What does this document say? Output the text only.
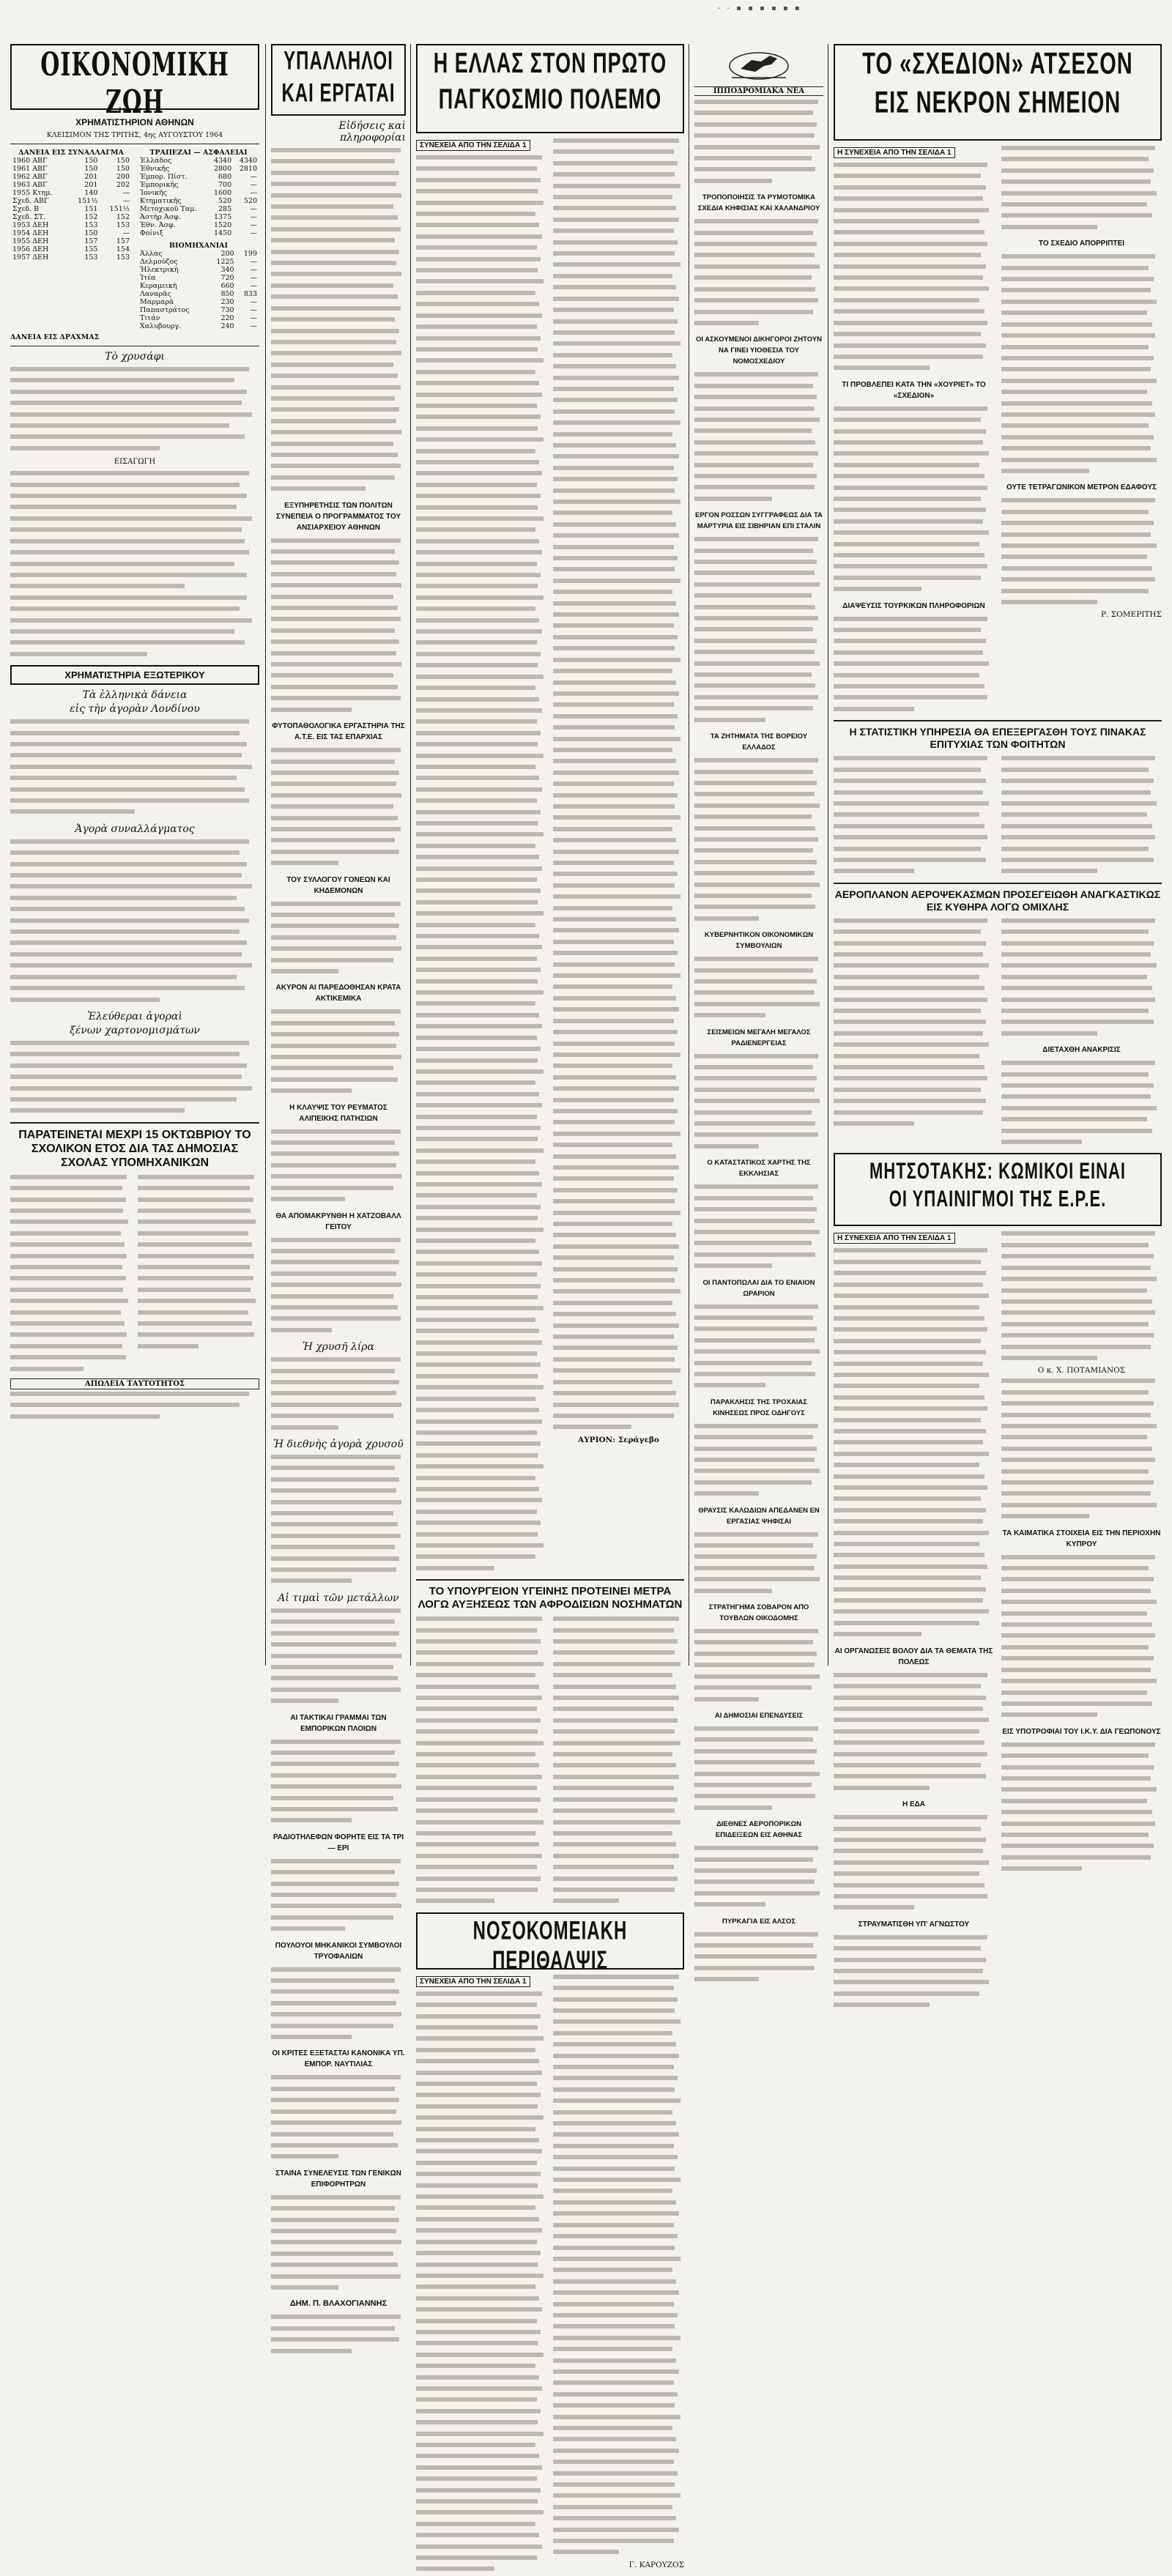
- - ▪ ▪ ▪ ▪ ▪ ▪
ΟΙΚΟΝΟΜΙΚΗ ΖΩΗ
ΧΡΗΜΑΤΙΣΤΗΡΙΟΝ ΑΘΗΝΩΝ
ΚΛΕΙΣΙΜΟΝ ΤΗΣ ΤΡΙΤΗΣ, 4ης ΑΥΓΟΥΣΤΟΥ 1964
ΔΑΝΕΙΑ ΕΙΣ ΣΥΝΑΛΛΑΓΜΑ
1960 ΑΒΓ	150	150
1961 ΑΒΓ	150	150
1962 ΑΒΓ	201	200
1963 ΑΒΓ	201	202
1955 Κτημ.	140	—
Σχεδ. ΑΒΓ	151½	—
Σχεδ. Β	151	151½
Σχεδ. ΣΤ.	152	152
1953 ΔΕΗ	153	153
1954 ΔΕΗ	150	—
1955 ΔΕΗ	157	157
1956 ΔΕΗ	155	154
1957 ΔΕΗ	153	153
ΤΡΑΠΕΖΑΙ — ΑΣΦΑΛΕΙΑΙ
Ἑλλάδος	4340	4340
Ἐθνικῆς	2800	2810
Ἐμπορ. Πίστ.	680	—
Ἐμπορικῆς	700	—
Ἰονικῆς	1600	—
Κτηματικῆς	520	520
Μετοχικοῦ Ταμ.	285	—
Ἀστὴρ Ἀσφ.	1375	—
Ἐθν. Ἀσφ.	1520	—
Φοίνιξ	1450	—
ΒΙΟΜΗΧΑΝΙΑΙ
Ἀλλας	200	199
Δελμούζος	1225	—
Ἠλεκτρικὴ	340	—
Ἰτέα	720	—
Κεραμεικὴ	660	—
Λαναρᾶς	850	833
Μαρμαρᾶ	230	—
Παπαστράτος	730	—
Τιτάν	220	—
Χαλυβουργ.	240	—
ΔΑΝΕΙΑ ΕΙΣ ΔΡΑΧΜΑΣ
Τὸ χρυσάφι

ΕΙΣΑΓΩΓΗ

ΧΡΗΜΑΤΙΣΤΗΡΙΑ ΕΞΩΤΕΡΙΚΟΥ
Τὰ ἑλληνικὰ δάνεια
εἰς τὴν ἀγορὰν Λονδίνου

Ἀγορὰ συναλλάγματος

Ἐλεύθεραι ἀγοραὶ
ξένων χαρτονομισμάτων

ΠΑΡΑΤΕΙΝΕΤΑΙ ΜΕΧΡΙ 15 ΟΚΤΩΒΡΙΟΥ ΤΟ ΣΧΟΛΙΚΟΝ ΕΤΟΣ ΔΙΑ ΤΑΣ ΔΗΜΟΣΙΑΣ ΣΧΟΛΑΣ ΥΠΟΜΗΧΑΝΙΚΩΝ

ΑΠΩΛΕΙΑ ΤΑΥΤΟΤΗΤΟΣ

ΥΠΑΛΛΗΛΟΙ
ΚΑΙ ΕΡΓΑΤΑΙ
Εἰδήσεις καὶ πληροφορίαι

ΕΞΥΠΗΡΕΤΗΣΙΣ ΤΩΝ ΠΟΛΙΤΩΝ ΣΥΝΕΠΕΙΑ Ο ΠΡΟΓΡΑΜΜΑΤΟΣ ΤΟΥ ΑΝΣΙΑΡΧΕΙΟΥ ΑΘΗΝΩΝ

ΦΥΤΟΠΑΘΟΛΟΓΙΚΑ ΕΡΓΑΣΤΗΡΙΑ ΤΗΣ Α.Τ.Ε. ΕΙΣ ΤΑΣ ΕΠΑΡΧΙΑΣ

ΤΟΥ ΣΥΛΛΟΓΟΥ ΓΟΝΕΩΝ ΚΑΙ ΚΗΔΕΜΟΝΩΝ

ΑΚΥΡΟΝ ΑΙ ΠΑΡΕΔΟΘΗΣΑΝ ΚΡΑΤΑ ΑΚΤΙΚΕΜΙΚΑ

Η ΚΛΑΥΨΙΣ ΤΟΥ ΡΕΥΜΑΤΟΣ ΑΛΙΠΕΙΚΗΣ ΠΑΤΗΣΙΩΝ

ΘΑ ΑΠΟΜΑΚΡΥΝΘΗ Η ΧΑΤΖΟΒΑΛΛ ΓΕΙΤΟΥ

Ἡ χρυσῆ λίρα

Ἡ διεθνὴς ἀγορὰ χρυσοῦ

Αἱ τιμαὶ τῶν μετάλλων

ΑΙ ΤΑΚΤΙΚΑΙ ΓΡΑΜΜΑΙ ΤΩΝ ΕΜΠΟΡΙΚΩΝ ΠΛΟΙΩΝ

ΡΑΔΙΟΤΗΛΕΦΩΝ ΦΟΡΗΤΕ ΕΙΣ ΤΑ ΤΡΙ— ΕΡΙ

ΠΟΥΛΟΥΟΙ ΜΗΚΑΝΙΚΟΙ ΣΥΜΒΟΥΛΟΙ ΤΡΥΟΦΑΛΙΩΝ

ΟΙ ΚΡΙΤΕΣ ΕΞΕΤΑΣΤΑΙ ΚΑΝΟΝΙΚΑ ΥΠ. ΕΜΠΟΡ. ΝΑΥΤΙΛΙΑΣ

ΣΤΑΙΝΑ ΣΥΝΕΛΕΥΣΙΣ ΤΩΝ ΓΕΝΙΚΩΝ ΕΠΙΦΟΡΗΤΡΩΝ

ΔΗΜ. Π. ΒΛΑΧΟΓΙΑΝΝΗΣ

Η ΕΛΛΑΣ ΣΤΟΝ ΠΡΩΤΟ
ΠΑΓΚΟΣΜΙΟ ΠΟΛΕΜΟ
ΣΥΝΕΧΕΙΑ ΑΠΟ ΤΗΝ ΣΕΛΙΔΑ 1

ΑΥΡΙΟΝ: Σεράγεβο
ΤΟ ΥΠΟΥΡΓΕΙΟΝ ΥΓΕΙΝΗΣ ΠΡΟΤΕΙΝΕΙ ΜΕΤΡΑ ΛΟΓΩ ΑΥΞΗΣΕΩΣ ΤΩΝ ΑΦΡΟΔΙΣΙΩΝ ΝΟΣΗΜΑΤΩΝ

ΝΟΣΟΚΟΜΕΙΑΚΗ ΠΕΡΙΘΑΛΨΙΣ
ΣΥΝΕΧΕΙΑ ΑΠΟ ΤΗΝ ΣΕΛΙΔΑ 1

Γ. ΚΑΡΟΥΖΟΣ
ΙΠΠΟΔΡΟΜΙΑΚΑ ΝΕΑ

ΤΡΟΠΟΠΟΙΗΣΙΣ ΤΑ ΡΥΜΟΤΟΜΙΚΑ ΣΧΕΔΙΑ ΚΗΦΙΣΙΑΣ ΚΑΙ ΧΑΛΑΝΔΡΙΟΥ

ΟΙ ΑΣΚΟΥΜΕΝΟΙ ΔΙΚΗΓΟΡΟΙ ΖΗΤΟΥΝ ΝΑ ΓΙΝΕΙ ΥΙΟΘΕΣΙΑ ΤΟΥ ΝΟΜΟΣΧΕΔΙΟΥ

ΕΡΓΟΝ ΡΟΣΣΩΝ ΣΥΓΓΡΑΦΕΩΣ ΔΙΑ ΤΑ ΜΑΡΤΥΡΙΑ ΕΙΣ ΣΙΒΗΡΙΑΝ ΕΠΙ ΣΤΑΛΙΝ

ΤΑ ΖΗΤΗΜΑΤΑ ΤΗΣ ΒΟΡΕΙΟΥ ΕΛΛΑΔΟΣ

ΚΥΒΕΡΝΗΤΙΚΟΝ ΟΙΚΟΝΟΜΙΚΩΝ ΣΥΜΒΟΥΛΙΩΝ

ΣΕΙΣΜΕΙΩΝ ΜΕΓΑΛΗ ΜΕΓΑΛΟΣ ΡΑΔΙΕΝΕΡΓΕΙΑΣ

Ο ΚΑΤΑΣΤΑΤΙΚΟΣ ΧΑΡΤΗΣ ΤΗΣ ΕΚΚΛΗΣΙΑΣ

ΟΙ ΠΑΝΤΟΠΩΛΑΙ ΔΙΑ ΤΟ ΕΝΙΑΙΟΝ ΩΡΑΡΙΟΝ

ΠΑΡΑΚΛΗΣΙΣ ΤΗΣ ΤΡΟΧΑΙΑΣ ΚΙΝΗΣΕΩΣ ΠΡΟΣ ΟΔΗΓΟΥΣ

ΘΡΑΥΣΙΣ ΚΑΛΩΔΙΩΝ ΑΠΕΔΑΝΕΝ ΕΝ ΕΡΓΑΣΙΑΣ ΨΗΦΙΣΑΙ

ΣΤΡΑΤΗΓΗΜΑ ΣΟΒΑΡΟΝ ΑΠΟ ΤΟΥΒΛΩΝ ΟΙΚΟΔΟΜΗΣ

ΑΙ ΔΗΜΟΣΙΑΙ ΕΠΕΝΔΥΣΕΙΣ

ΔΙΕΘΝΕΣ ΑΕΡΟΠΟΡΙΚΩΝ ΕΠΙΔΕΙΞΕΩΝ ΕΙΣ ΑΘΗΝΑΣ

ΠΥΡΚΑΓΙΑ ΕΙΣ ΑΛΣΟΣ

ΤΟ «ΣΧΕΔΙΟΝ» ΑΤΣΕΣΟΝ
ΕΙΣ ΝΕΚΡΟΝ ΣΗΜΕΙΟΝ
Η ΣΥΝΕΧΕΙΑ ΑΠΟ ΤΗΝ ΣΕΛΙΔΑ 1

ΤΙ ΠΡΟΒΛΕΠΕΙ ΚΑΤΑ ΤΗΝ «ΧΟΥΡΙΕΤ» ΤΟ «ΣΧΕΔΙΟΝ»

ΔΙΑΨΕΥΣΙΣ ΤΟΥΡΚΙΚΩΝ ΠΛΗΡΟΦΟΡΙΩΝ

ΤΟ ΣΧΕΔΙΟ ΑΠΟΡΡΙΠΤΕΙ

ΟΥΤΕ ΤΕΤΡΑΓΩΝΙΚΟΝ ΜΕΤΡΟΝ ΕΔΑΦΟΥΣ

Ρ. ΣΟΜΕΡΙΤΗΣ
Η ΣΤΑΤΙΣΤΙΚΗ ΥΠΗΡΕΣΙΑ ΘΑ ΕΠΕΞΕΡΓΑΣΘΗ ΤΟΥΣ ΠΙΝΑΚΑΣ ΕΠΙΤΥΧΙΑΣ ΤΩΝ ΦΟΙΤΗΤΩΝ

ΑΕΡΟΠΛΑΝΟΝ ΑΕΡΟΨΕΚΑΣΜΩΝ ΠΡΟΣΕΓΕΙΩΘΗ ΑΝΑΓΚΑΣΤΙΚΩΣ ΕΙΣ ΚΥΘΗΡΑ ΛΟΓΩ ΟΜΙΧΛΗΣ

ΔΙΕΤΑΧΘΗ ΑΝΑΚΡΙΣΙΣ

ΜΗΤΣΟΤΑΚΗΣ: ΚΩΜΙΚΟΙ ΕΙΝΑΙ
ΟΙ ΥΠΑΙΝΙΓΜΟΙ ΤΗΣ Ε.Ρ.Ε.
Η ΣΥΝΕΧΕΙΑ ΑΠΟ ΤΗΝ ΣΕΛΙΔΑ 1

ΑΙ ΟΡΓΑΝΩΣΕΙΣ ΒΟΛΟΥ ΔΙΑ ΤΑ ΘΕΜΑΤΑ ΤΗΣ ΠΟΛΕΩΣ

Η ΕΔΑ

ΣΤΡΑΥΜΑΤΙΣΘΗ ΥΠ' ΑΓΝΩΣΤΟΥ

Ο κ. Χ. ΠΟΤΑΜΙΑΝΟΣ

ΤΑ ΚΑΙΜΑΤΙΚΑ ΣΤΟΙΧΕΙΑ ΕΙΣ ΤΗΝ ΠΕΡΙΟΧΗΝ ΚΥΠΡΟΥ

ΕΙΣ ΥΠΟΤΡΟΦΙΑΙ ΤΟΥ Ι.Κ.Υ. ΔΙΑ ΓΕΩΠΟΝΟΥΣ
